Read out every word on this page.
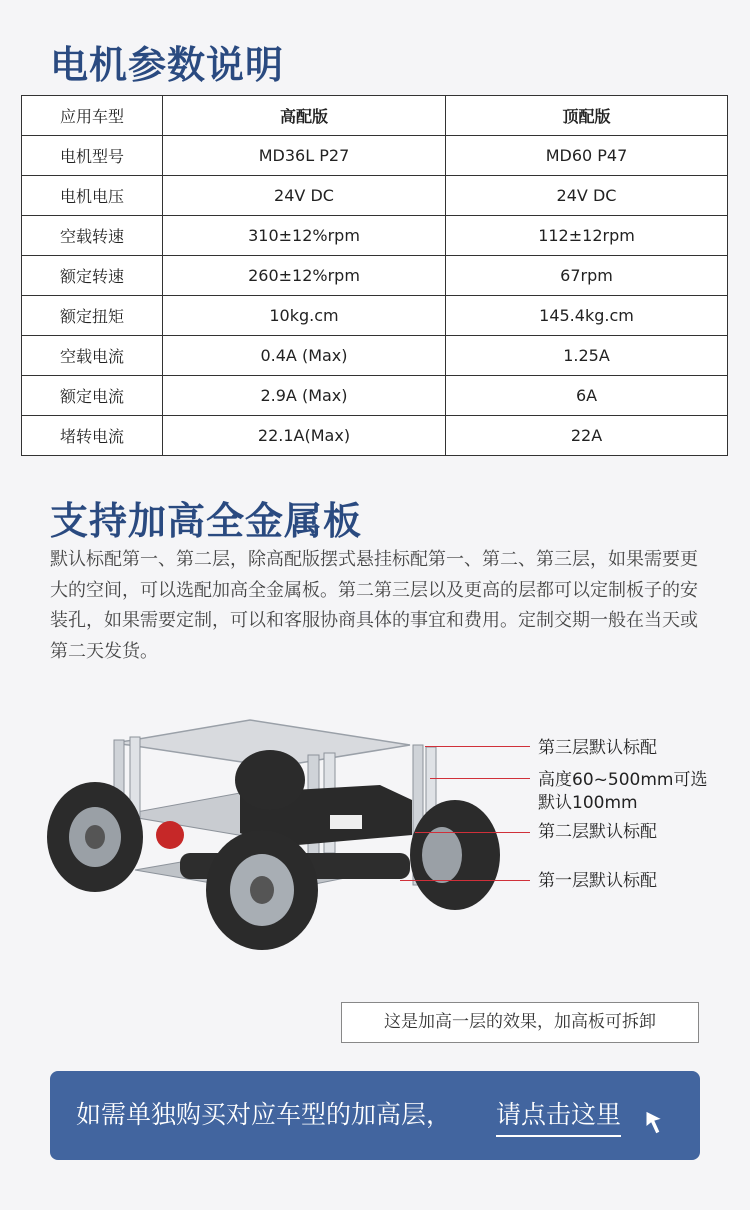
电机参数说明
应用车型	高配版	顶配版
电机型号	MD36L P27	MD60 P47
电机电压	24V DC	24V DC
空载转速	310±12%rpm	112±12rpm
额定转速	260±12%rpm	67rpm
额定扭矩	10kg.cm	145.4kg.cm
空载电流	0.4A (Max)	1.25A
额定电流	2.9A (Max)	6A
堵转电流	22.1A(Max)	22A
支持加高全金属板

默认标配第一、第二层，除高配版摆式悬挂标配第一、第二、第三层，如果需要更大的空间，可以选配加高全金属板。第二第三层以及更高的层都可以定制板子的安装孔，如果需要定制，可以和客服协商具体的事宜和费用。定制交期一般在当天或第二天发货。

第三层默认标配
高度60~500mm可选
默认100mm
第二层默认标配
第一层默认标配
这是加高一层的效果，加高板可拆卸
如需单独购买对应车型的加高层， 请点击这里
